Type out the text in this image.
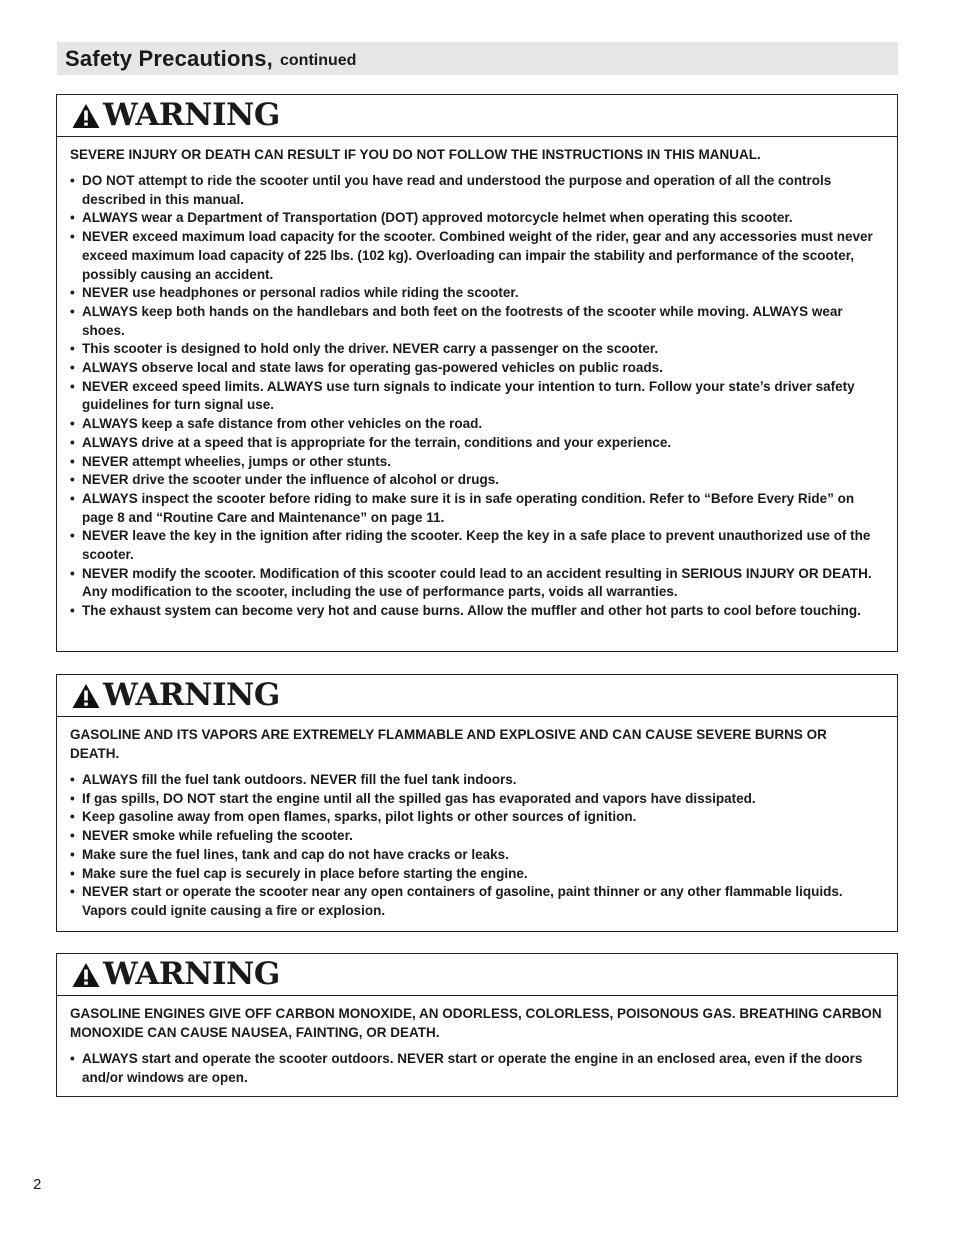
Safety Precautions, continued
WARNING

SEVERE INJURY OR DEATH CAN RESULT IF YOU DO NOT FOLLOW THE INSTRUCTIONS IN THIS MANUAL.

• DO NOT attempt to ride the scooter until you have read and understood the purpose and operation of all the controls described in this manual.
• ALWAYS wear a Department of Transportation (DOT) approved motorcycle helmet when operating this scooter.
• NEVER exceed maximum load capacity for the scooter. Combined weight of the rider, gear and any accessories must never exceed maximum load capacity of 225 lbs. (102 kg). Overloading can impair the stability and performance of the scooter, possibly causing an accident.
• NEVER use headphones or personal radios while riding the scooter.
• ALWAYS keep both hands on the handlebars and both feet on the footrests of the scooter while moving. ALWAYS wear shoes.
• This scooter is designed to hold only the driver. NEVER carry a passenger on the scooter.
• ALWAYS observe local and state laws for operating gas-powered vehicles on public roads.
• NEVER exceed speed limits. ALWAYS use turn signals to indicate your intention to turn. Follow your state’s driver safety guidelines for turn signal use.
• ALWAYS keep a safe distance from other vehicles on the road.
• ALWAYS drive at a speed that is appropriate for the terrain, conditions and your experience.
• NEVER attempt wheelies, jumps or other stunts.
• NEVER drive the scooter under the influence of alcohol or drugs.
• ALWAYS inspect the scooter before riding to make sure it is in safe operating condition. Refer to “Before Every Ride” on page 8 and “Routine Care and Maintenance” on page 11.
• NEVER leave the key in the ignition after riding the scooter. Keep the key in a safe place to prevent unauthorized use of the scooter.
• NEVER modify the scooter. Modification of this scooter could lead to an accident resulting in SERIOUS INJURY OR DEATH. Any modification to the scooter, including the use of performance parts, voids all warranties.
• The exhaust system can become very hot and cause burns. Allow the muffler and other hot parts to cool before touching.
WARNING

GASOLINE AND ITS VAPORS ARE EXTREMELY FLAMMABLE AND EXPLOSIVE AND CAN CAUSE SEVERE BURNS OR DEATH.

• ALWAYS fill the fuel tank outdoors. NEVER fill the fuel tank indoors.
• If gas spills, DO NOT start the engine until all the spilled gas has evaporated and vapors have dissipated.
• Keep gasoline away from open flames, sparks, pilot lights or other sources of ignition.
• NEVER smoke while refueling the scooter.
• Make sure the fuel lines, tank and cap do not have cracks or leaks.
• Make sure the fuel cap is securely in place before starting the engine.
• NEVER start or operate the scooter near any open containers of gasoline, paint thinner or any other flammable liquids. Vapors could ignite causing a fire or explosion.
WARNING

GASOLINE ENGINES GIVE OFF CARBON MONOXIDE, AN ODORLESS, COLORLESS, POISONOUS GAS. BREATHING CARBON MONOXIDE CAN CAUSE NAUSEA, FAINTING, OR DEATH.

• ALWAYS start and operate the scooter outdoors. NEVER start or operate the engine in an enclosed area, even if the doors and/or windows are open.
2
